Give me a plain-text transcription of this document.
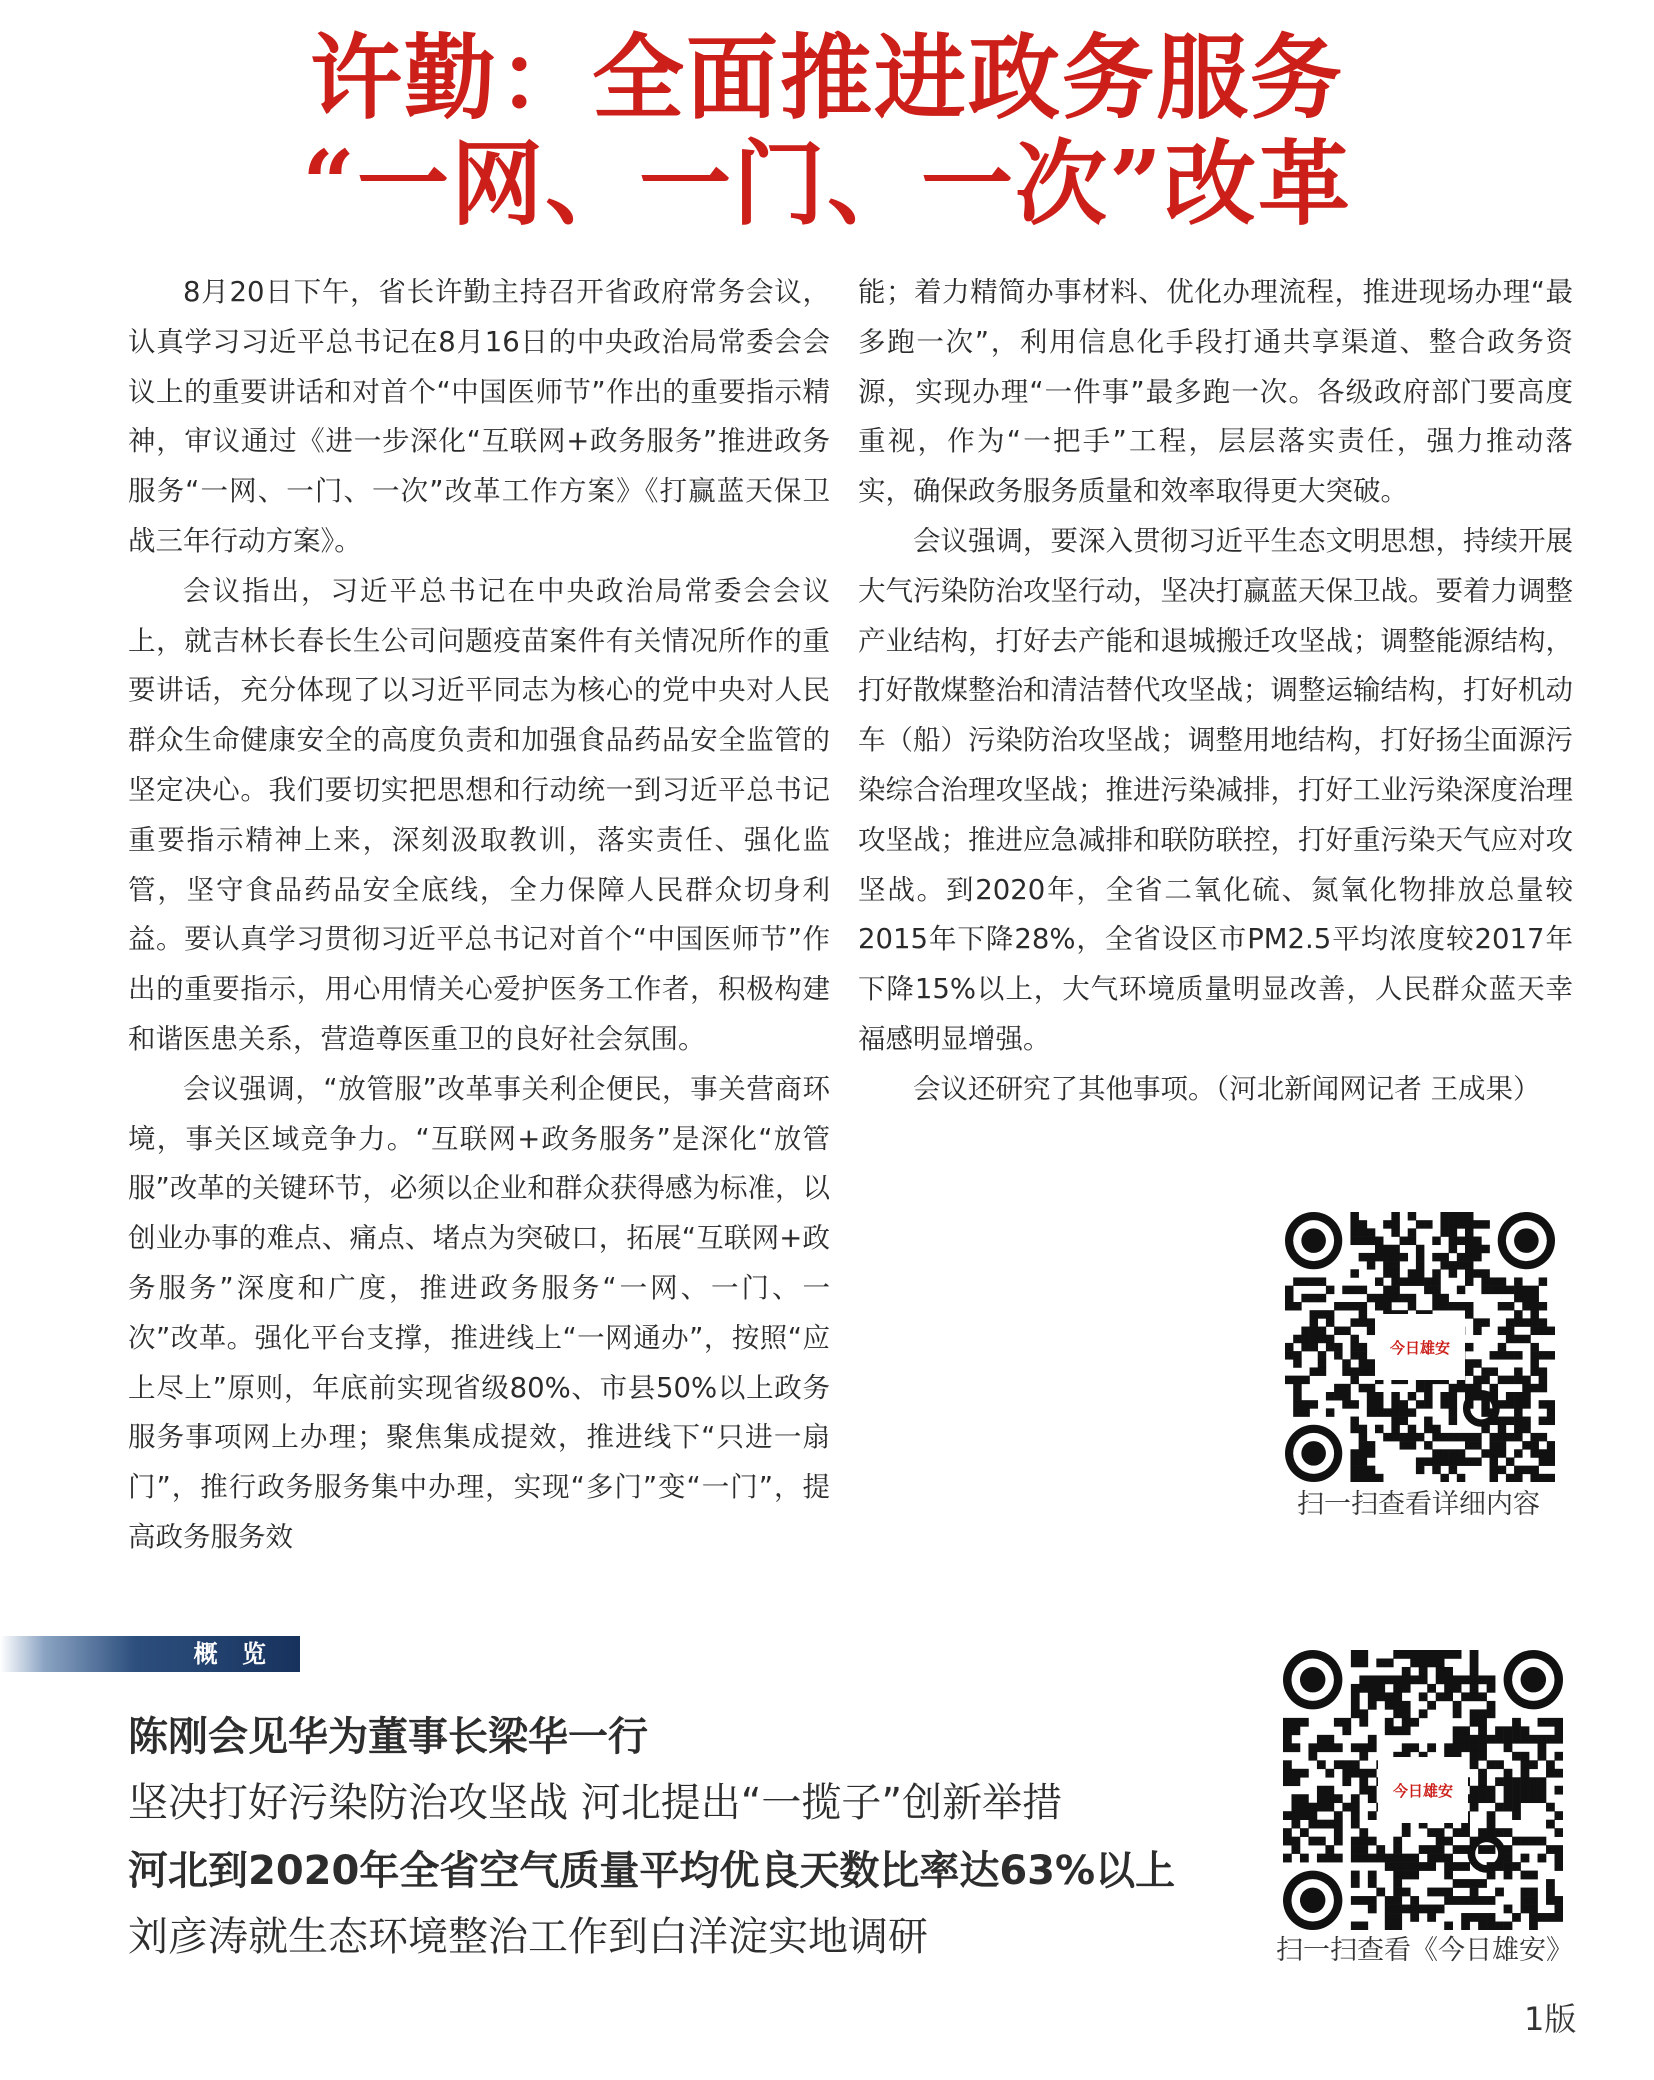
许勤：全面推进政务服务
“一网、一门、一次”改革

8月20日下午，省长许勤主持召开省政府常务会议，认真学习习近平总书记在8月16日的中央政治局常委会会议上的重要讲话和对首个“中国医师节”作出的重要指示精神，审议通过《进一步深化“互联网+政务服务”推进政务服务“一网、一门、一次”改革工作方案》《打赢蓝天保卫战三年行动方案》。

会议指出，习近平总书记在中央政治局常委会会议上，就吉林长春长生公司问题疫苗案件有关情况所作的重要讲话，充分体现了以习近平同志为核心的党中央对人民群众生命健康安全的高度负责和加强食品药品安全监管的坚定决心。我们要切实把思想和行动统一到习近平总书记重要指示精神上来，深刻汲取教训，落实责任、强化监管，坚守食品药品安全底线，全力保障人民群众切身利益。要认真学习贯彻习近平总书记对首个“中国医师节”作出的重要指示，用心用情关心爱护医务工作者，积极构建和谐医患关系，营造尊医重卫的良好社会氛围。

会议强调，“放管服”改革事关利企便民，事关营商环境，事关区域竞争力。“互联网+政务服务”是深化“放管服”改革的关键环节，必须以企业和群众获得感为标准，以创业办事的难点、痛点、堵点为突破口，拓展“互联网+政务服务”深度和广度，推进政务服务“一网、一门、一次”改革。强化平台支撑，推进线上“一网通办”，按照“应上尽上”原则，年底前实现省级80%、市县50%以上政务服务事项网上办理；聚焦集成提效，推进线下“只进一扇门”，推行政务服务集中办理，实现“多门”变“一门”，提高政务服务效

能；着力精简办事材料、优化办理流程，推进现场办理“最多跑一次”，利用信息化手段打通共享渠道、整合政务资源，实现办理“一件事”最多跑一次。各级政府部门要高度重视，作为“一把手”工程，层层落实责任，强力推动落实，确保政务服务质量和效率取得更大突破。

会议强调，要深入贯彻习近平生态文明思想，持续开展大气污染防治攻坚行动，坚决打赢蓝天保卫战。要着力调整产业结构，打好去产能和退城搬迁攻坚战；调整能源结构，打好散煤整治和清洁替代攻坚战；调整运输结构，打好机动车（船）污染防治攻坚战；调整用地结构，打好扬尘面源污染综合治理攻坚战；推进污染减排，打好工业污染深度治理攻坚战；推进应急减排和联防联控，打好重污染天气应对攻坚战。到2020年，全省二氧化硫、氮氧化物排放总量较2015年下降28%，全省设区市PM2.5平均浓度较2017年下降15%以上，大气环境质量明显改善，人民群众蓝天幸福感明显增强。

会议还研究了其他事项。（河北新闻网记者 王成果）

今日雄安
扫一扫查看详细内容
今日雄安
扫一扫查看《今日雄安》
概 览
陈刚会见华为董事长梁华一行
坚决打好污染防治攻坚战 河北提出“一揽子”创新举措
河北到2020年全省空气质量平均优良天数比率达63%以上
刘彦涛就生态环境整治工作到白洋淀实地调研
1版
